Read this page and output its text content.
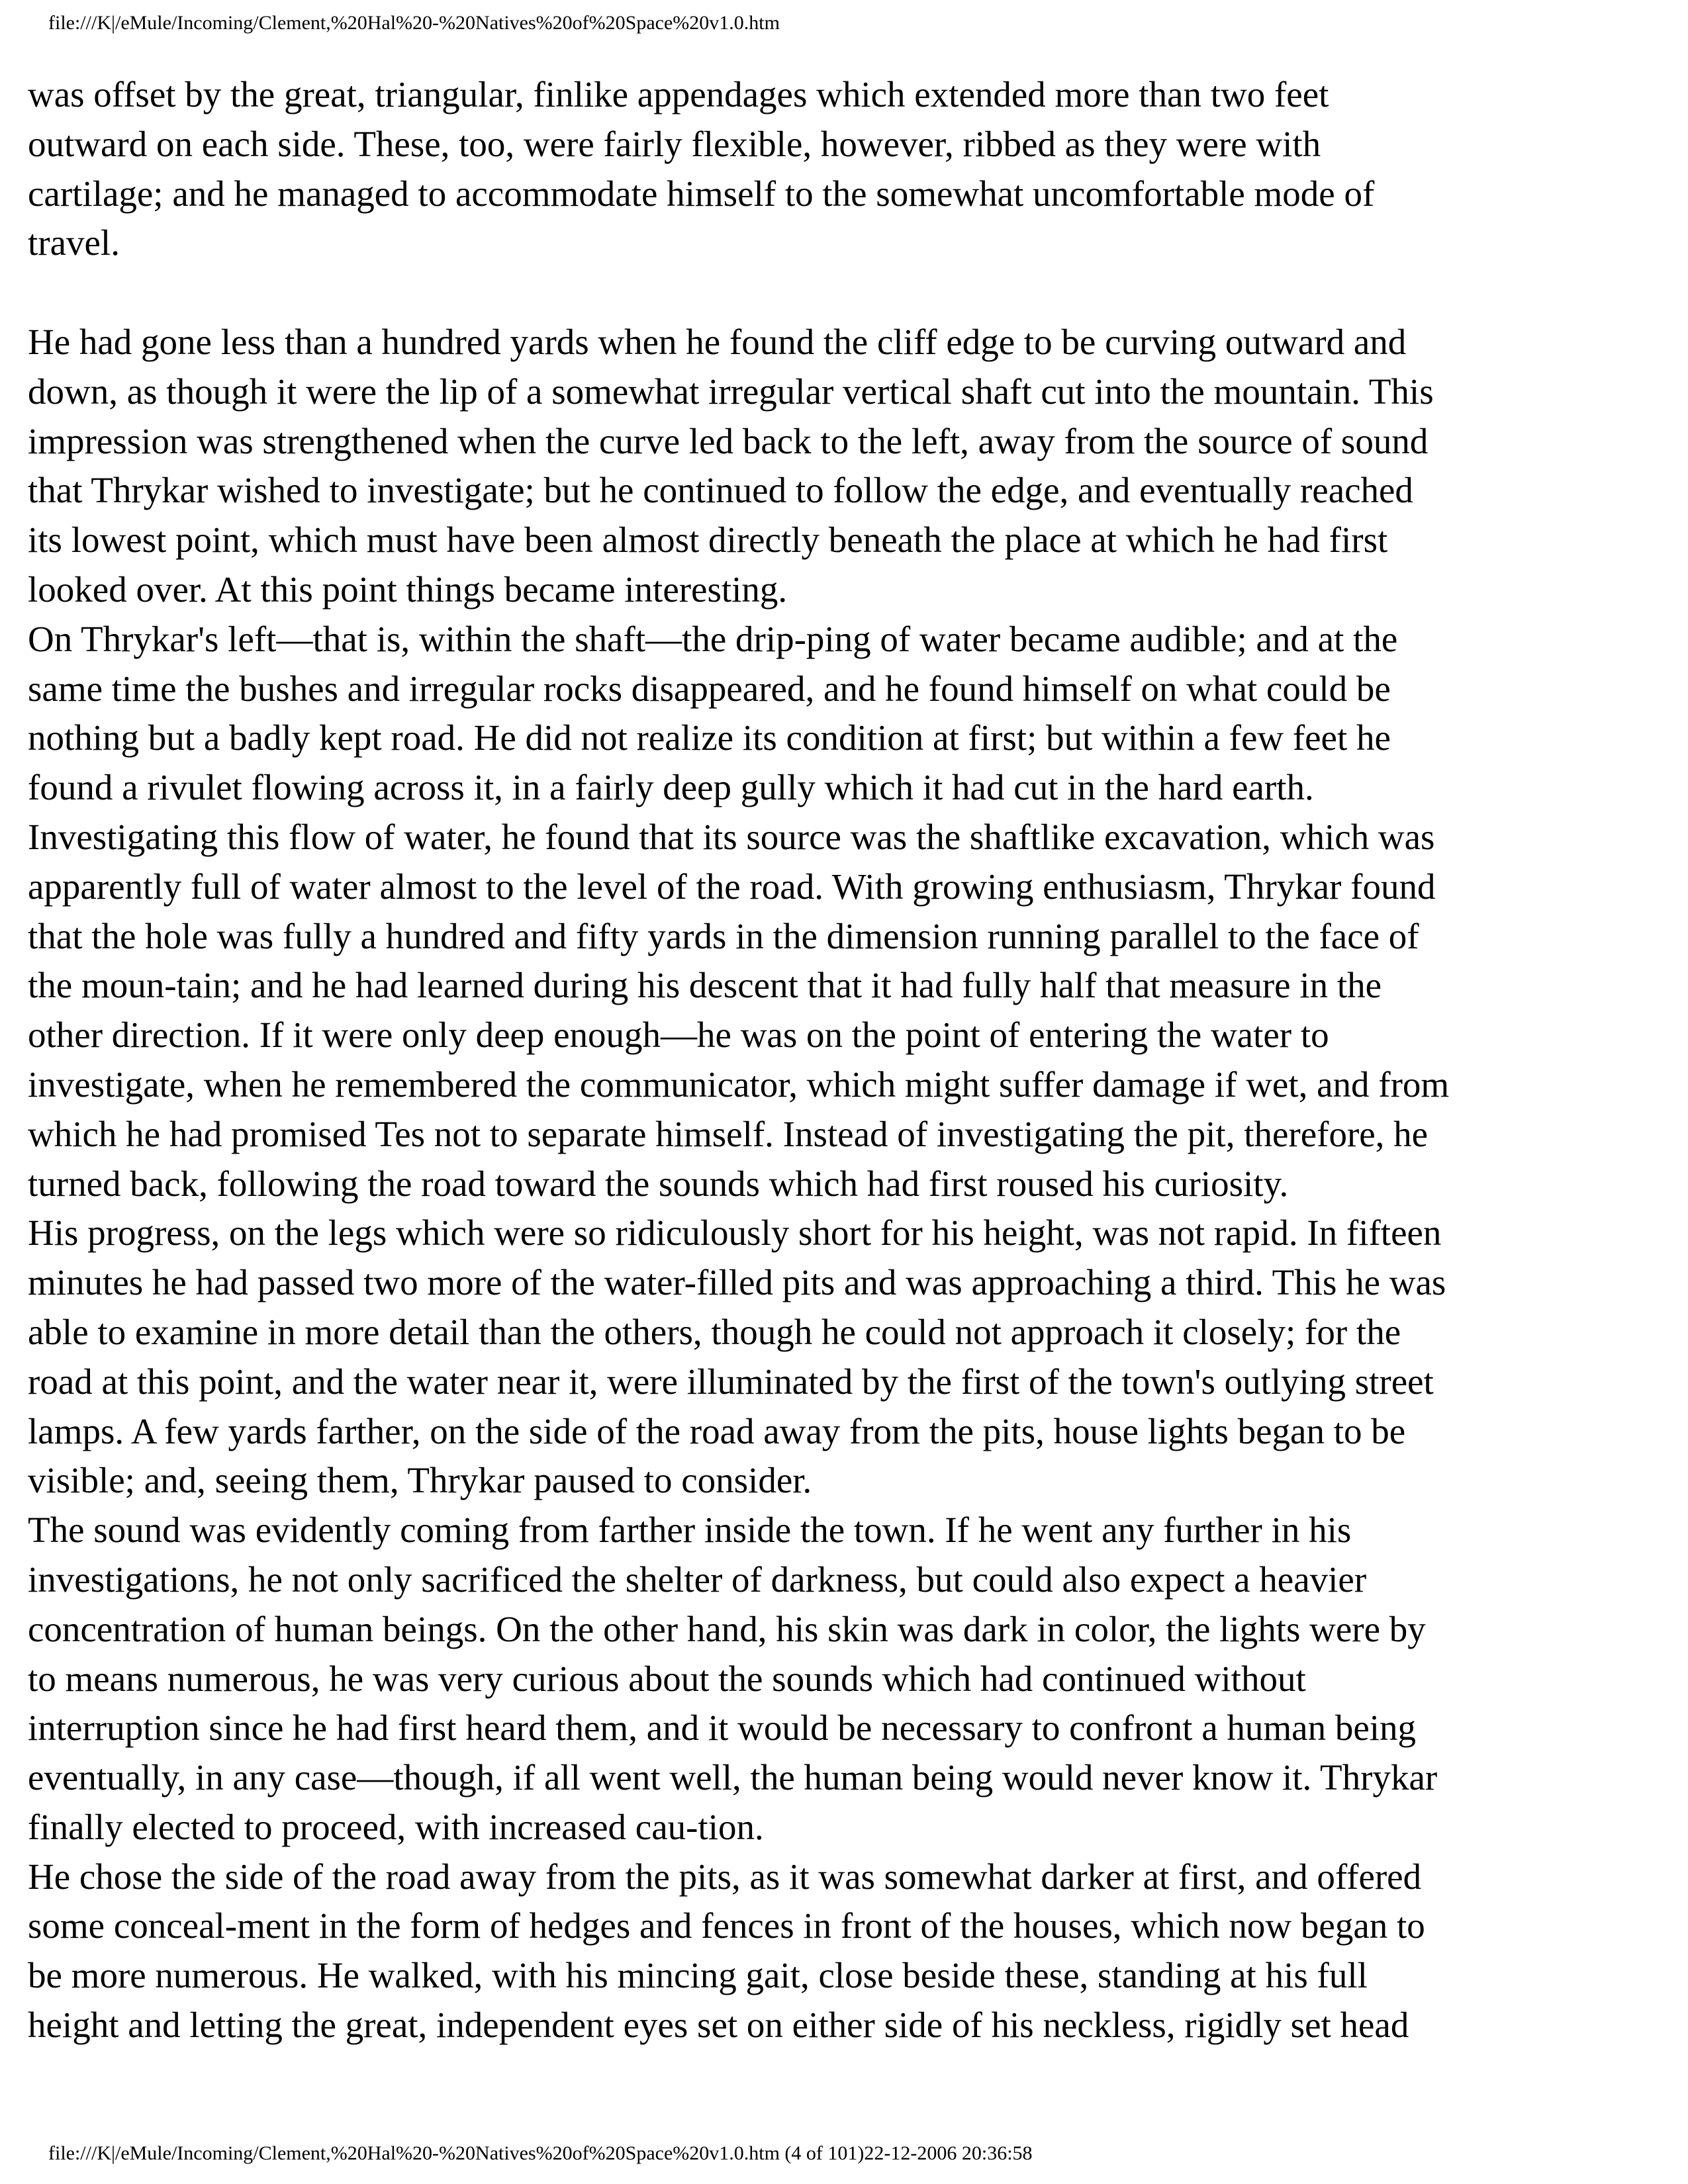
file:///K|/eMule/Incoming/Clement,%20Hal%20-%20Natives%20of%20Space%20v1.0.htm

was offset by the great, triangular, finlike appendages which extended more than two feet
outward on each side. These, too, were fairly flexible, however, ribbed as they were with
cartilage; and he managed to accommodate himself to the somewhat uncomfortable mode of
travel.

He had gone less than a hundred yards when he found the cliff edge to be curving outward and
down, as though it were the lip of a somewhat irregular vertical shaft cut into the mountain. This
impression was strengthened when the curve led back to the left, away from the source of sound
that Thrykar wished to investigate; but he continued to follow the edge, and eventually reached
its lowest point, which must have been almost directly beneath the place at which he had first
looked over. At this point things became interesting.

On Thrykar's left—that is, within the shaft—the drip-ping of water became audible; and at the
same time the bushes and irregular rocks disappeared, and he found himself on what could be
nothing but a badly kept road. He did not realize its condition at first; but within a few feet he
found a rivulet flowing across it, in a fairly deep gully which it had cut in the hard earth.
Investigating this flow of water, he found that its source was the shaftlike excavation, which was
apparently full of water almost to the level of the road. With growing enthusiasm, Thrykar found
that the hole was fully a hundred and fifty yards in the dimension running parallel to the face of
the moun-tain; and he had learned during his descent that it had fully half that measure in the
other direction. If it were only deep enough—he was on the point of entering the water to
investigate, when he remembered the communicator, which might suffer damage if wet, and from
which he had promised Tes not to separate himself. Instead of investigating the pit, therefore, he
turned back, following the road toward the sounds which had first roused his curiosity.

His progress, on the legs which were so ridiculously short for his height, was not rapid. In fifteen
minutes he had passed two more of the water-filled pits and was approaching a third. This he was
able to examine in more detail than the others, though he could not approach it closely; for the
road at this point, and the water near it, were illuminated by the first of the town's outlying street
lamps. A few yards farther, on the side of the road away from the pits, house lights began to be
visible; and, seeing them, Thrykar paused to consider.

The sound was evidently coming from farther inside the town. If he went any further in his
investigations, he not only sacrificed the shelter of darkness, but could also expect a heavier
concentration of human beings. On the other hand, his skin was dark in color, the lights were by
to means numerous, he was very curious about the sounds which had continued without
interruption since he had first heard them, and it would be necessary to confront a human being
eventually, in any case—though, if all went well, the human being would never know it. Thrykar
finally elected to proceed, with increased cau-tion.

He chose the side of the road away from the pits, as it was somewhat darker at first, and offered
some conceal-ment in the form of hedges and fences in front of the houses, which now began to
be more numerous. He walked, with his mincing gait, close beside these, standing at his full
height and letting the great, independent eyes set on either side of his neckless, rigidly set head

file:///K|/eMule/Incoming/Clement,%20Hal%20-%20Natives%20of%20Space%20v1.0.htm (4 of 101)22-12-2006 20:36:58
